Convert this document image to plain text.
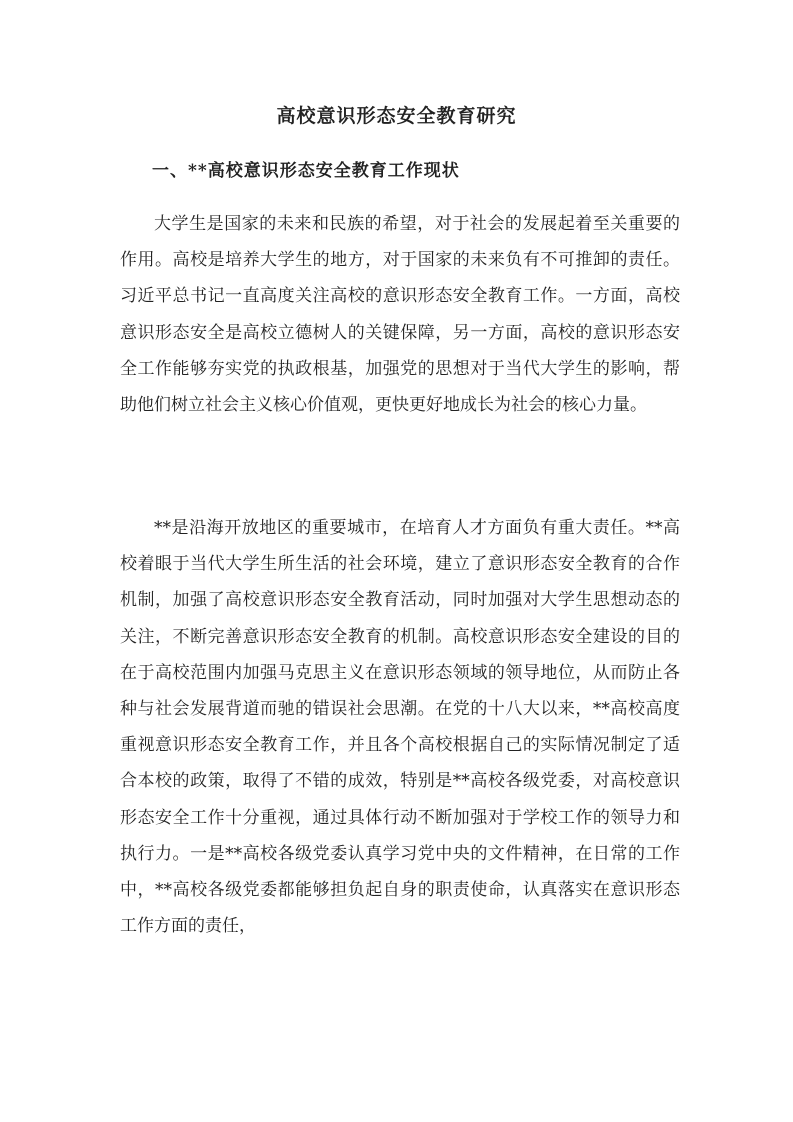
高校意识形态安全教育研究
一、**高校意识形态安全教育工作现状

大学生是国家的未来和民族的希望，对于社会的发展起着至关重要的作用。高校是培养大学生的地方，对于国家的未来负有不可推卸的责任。习近平总书记一直高度关注高校的意识形态安全教育工作。一方面，高校意识形态安全是高校立德树人的关键保障，另一方面，高校的意识形态安全工作能够夯实党的执政根基，加强党的思想对于当代大学生的影响，帮助他们树立社会主义核心价值观，更快更好地成长为社会的核心力量。

**是沿海开放地区的重要城市，在培育人才方面负有重大责任。**高校着眼于当代大学生所生活的社会环境，建立了意识形态安全教育的合作机制，加强了高校意识形态安全教育活动，同时加强对大学生思想动态的关注，不断完善意识形态安全教育的机制。高校意识形态安全建设的目的在于高校范围内加强马克思主义在意识形态领域的领导地位，从而防止各种与社会发展背道而驰的错误社会思潮。在党的十八大以来，**高校高度重视意识形态安全教育工作，并且各个高校根据自己的实际情况制定了适合本校的政策，取得了不错的成效，特别是**高校各级党委，对高校意识形态安全工作十分重视，通过具体行动不断加强对于学校工作的领导力和执行力。一是**高校各级党委认真学习党中央的文件精神，在日常的工作中，**高校各级党委都能够担负起自身的职责使命，认真落实在意识形态工作方面的责任，
